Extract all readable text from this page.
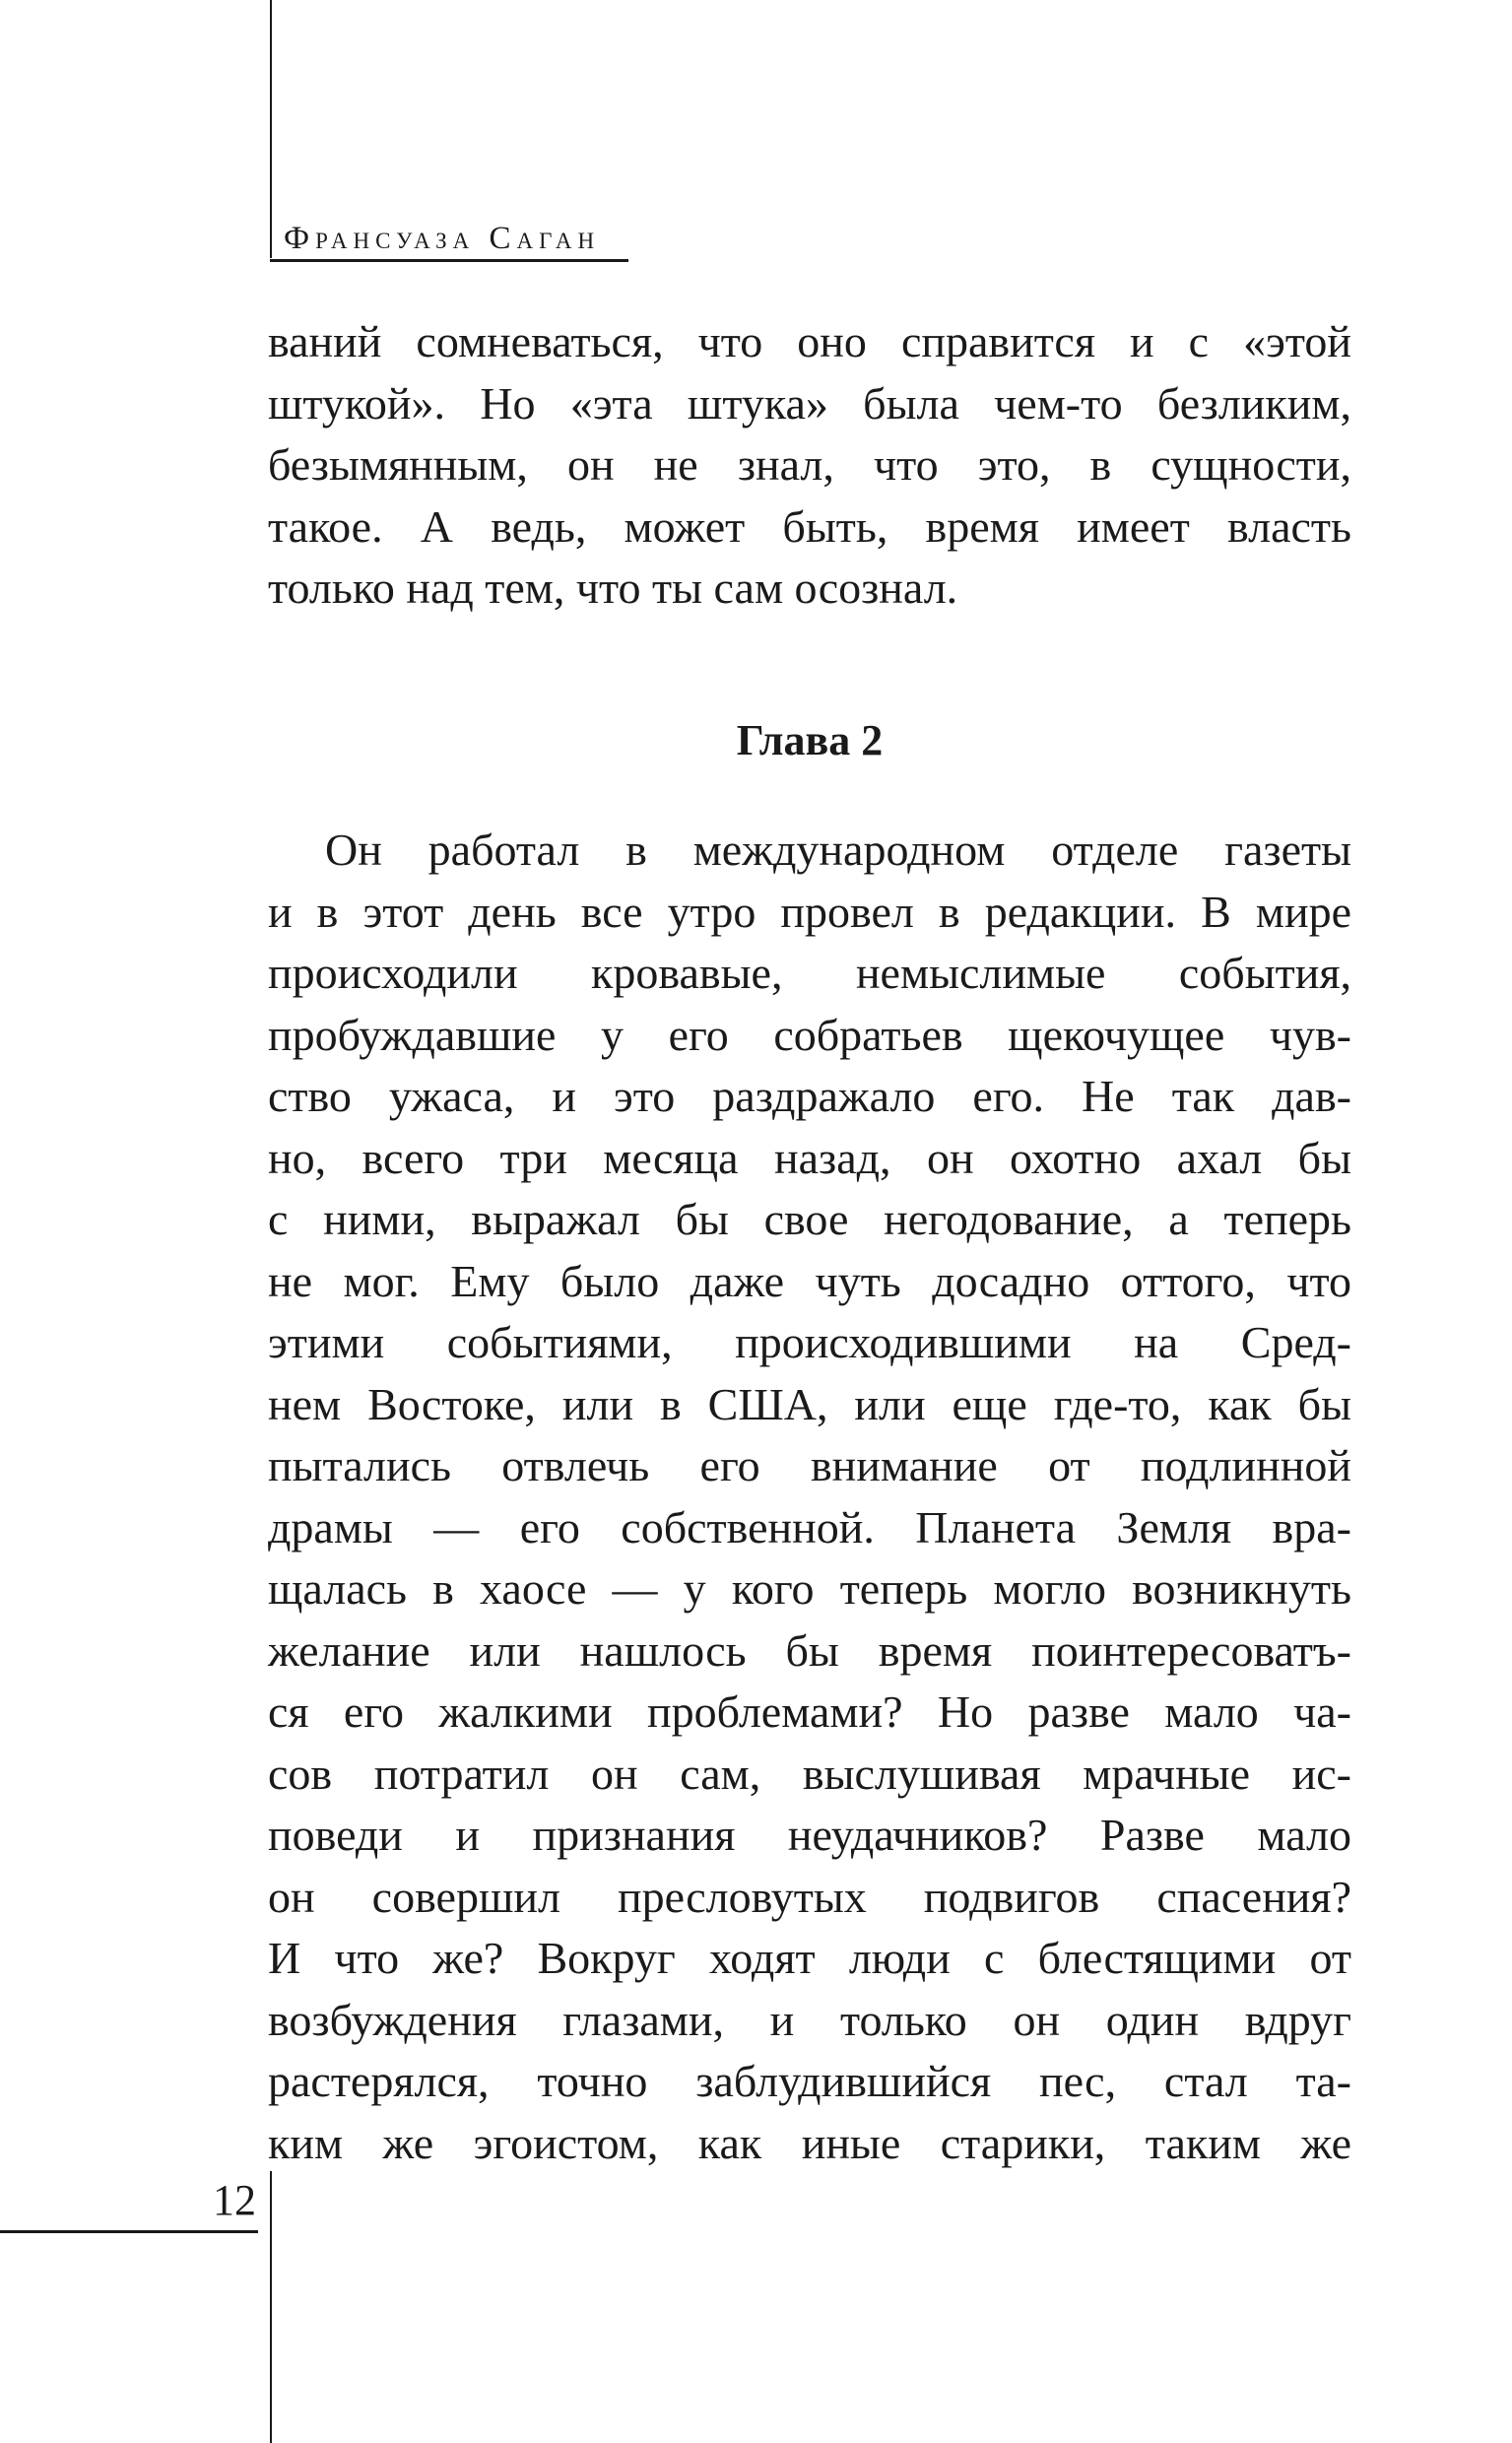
Франсуаза Саган
ваний сомневаться, что оно справится и с «этой
штукой». Но «эта штука» была чем-то безликим,
безымянным, он не знал, что это, в сущности,
такое. А ведь, может быть, время имеет власть
только над тем, что ты сам осознал.
Глава 2
Он работал в международном отделе газеты
и в этот день все утро провел в редакции. В мире
происходили кровавые, немыслимые события,
пробуждавшие у его собратьев щекочущее чув-
ство ужаса, и это раздражало его. Не так дав-
но, всего три месяца назад, он охотно ахал бы
с ними, выражал бы свое негодование, а теперь
не мог. Ему было даже чуть досадно оттого, что
этими событиями, происходившими на Сред-
нем Востоке, или в США, или еще где-то, как бы
пытались отвлечь его внимание от подлинной
драмы — его собственной. Планета Земля вра-
щалась в хаосе — у кого теперь могло возникнуть
желание или нашлось бы время поинтересоватъ-
ся его жалкими проблемами? Но разве мало ча-
сов потратил он сам, выслушивая мрачные ис-
поведи и признания неудачников? Разве мало
он совершил пресловутых подвигов спасения?
И что же? Вокруг ходят люди с блестящими от
возбуждения глазами, и только он один вдруг
растерялся, точно заблудившийся пес, стал та-
ким же эгоистом, как иные старики, таким же
12
